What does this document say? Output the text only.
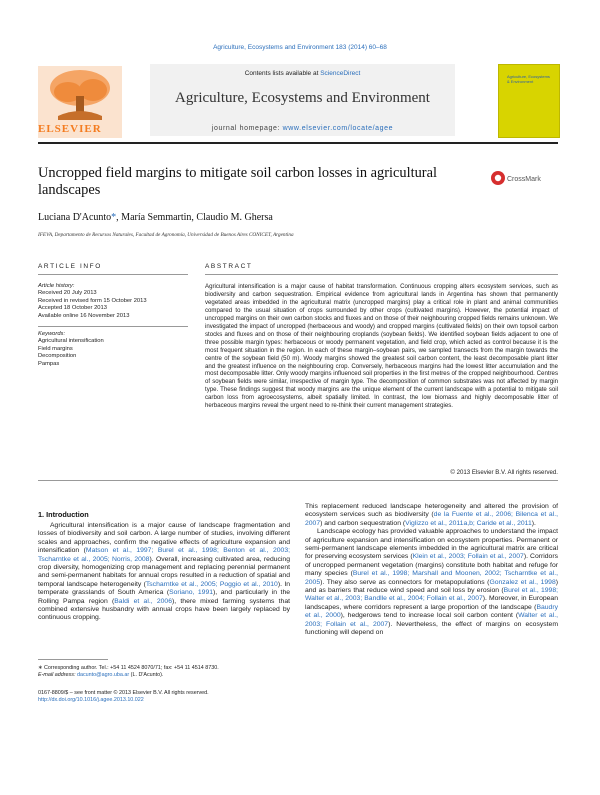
Agriculture, Ecosystems and Environment 183 (2014) 60–68
Contents lists available at ScienceDirect
Agriculture, Ecosystems and Environment
journal homepage: www.elsevier.com/locate/agee
ELSEVIER
Agriculture, Ecosystems & Environment
Uncropped field margins to mitigate soil carbon losses in agricultural landscapes
CrossMark
Luciana D'Acunto*, María Semmartin, Claudio M. Ghersa
IFEVA, Departamento de Recursos Naturales, Facultad de Agronomía, Universidad de Buenos Aires CONICET, Argentina
ARTICLE INFO
Article history:
Received 20 July 2013
Received in revised form 15 October 2013
Accepted 18 October 2013
Available online 16 November 2013
Keywords:
Agricultural intensification
Field margins
Decomposition
Pampas
ABSTRACT
Agricultural intensification is a major cause of habitat transformation. Continuous cropping alters ecosystem services, such as biodiversity and carbon sequestration. Empirical evidence from agricultural lands in Argentina has shown that permanently vegetated areas imbedded in the agricultural matrix (uncropped margins) play a critical role in plant and animal communities compared to the usual situation of crops surrounded by other crops (cultivated margins). However, the potential impact of uncropped margins on their own carbon stocks and fluxes and on those of their neighbouring cropped fields remains unknown. We investigated the impact of uncropped (herbaceous and woody) and cropped margins (cultivated fields) on their own topsoil carbon stocks and fluxes and on those of their neighbouring croplands (soybean fields). We identified soybean fields adjacent to one of three possible margin types: herbaceous or woody permanent vegetation, and field crop, which acted as control because it is the most frequent situation in the region. In each of these margin–soybean pairs, we sampled transects from the margin towards the centre of the soybean field (50 m). Woody margins showed the greatest soil carbon content, the least decomposable plant litter and the greatest influence on the neighbouring crop. Conversely, herbaceous margins had the lowest litter accumulation and the most decomposable litter. Only woody margins influenced soil properties in the first metres of the cropped neighbourhood. Centres of soybean fields were similar, irrespective of margin type. The decomposition of common substrates was not affected by margin type. These findings suggest that woody margins are the unique element of the current landscape with a potential to mitigate soil carbon loss from agroecosystems, albeit spatially limited. In contrast, the low biomass and highly decomposable litter of herbaceous margins reveal the urgent need to re-think their current management strategies.
© 2013 Elsevier B.V. All rights reserved.
1. Introduction

Agricultural intensification is a major cause of landscape fragmentation and losses of biodiversity and soil carbon. A large number of studies, involving different scales and approaches, confirm the negative effects of agriculture expansion and intensification (Matson et al., 1997; Burel et al., 1998; Benton et al., 2003; Tscharntke et al., 2005; Norris, 2008). Overall, increasing cultivated area, reducing crop diversity, homogenizing crop management and replacing perennial permanent and semi-permanent habitats for annual crops resulted in a reduction of spatial and temporal landscape heterogeneity (Tscharntke et al., 2005; Poggio et al., 2010). In temperate grasslands of South America (Soriano, 1991), and particularly in the Rolling Pampa region (Baldi et al., 2006), there mixed farming systems that combined extensive husbandry with annual crops have been largely replaced by continuous cropping.

This replacement reduced landscape heterogeneity and altered the provision of ecosystem services such as biodiversity (de la Fuente et al., 2006; Bilenca et al., 2007) and carbon sequestration (Viglizzo et al., 2011a,b; Caride et al., 2011).

Landscape ecology has provided valuable approaches to understand the impact of agriculture expansion and intensification on ecosystem properties. Permanent or semi-permanent landscape elements imbedded in the agricultural matrix are critical for preserving ecosystem services (Klein et al., 2003; Follain et al., 2007). Corridors of uncropped permanent vegetation (margins) constitute both habitat and refuge for many species (Burel et al., 1998; Marshall and Moonen, 2002; Tscharntke et al., 2005). They also serve as connectors for metapopulations (Gonzalez et al., 1998) and as barriers that reduce wind speed and soil loss by erosion (Burel et al., 1998; Walter et al., 2003; Bandlle et al., 2004; Follain et al., 2007). Moreover, in European landscapes, where corridors represent a large proportion of the landscape (Baudry et al., 2000), hedgerows tend to increase local soil carbon content (Walter et al., 2003; Follain et al., 2007). Nevertheless, the effect of margins on ecosystem functioning will depend on

∗ Corresponding author. Tel.: +54 11 4524 8070/71; fax: +54 11 4514 8730.
E-mail address: dacunto@agro.uba.ar (L. D'Acunto).
0167-8809/$ – see front matter © 2013 Elsevier B.V. All rights reserved.
http://dx.doi.org/10.1016/j.agee.2013.10.022
